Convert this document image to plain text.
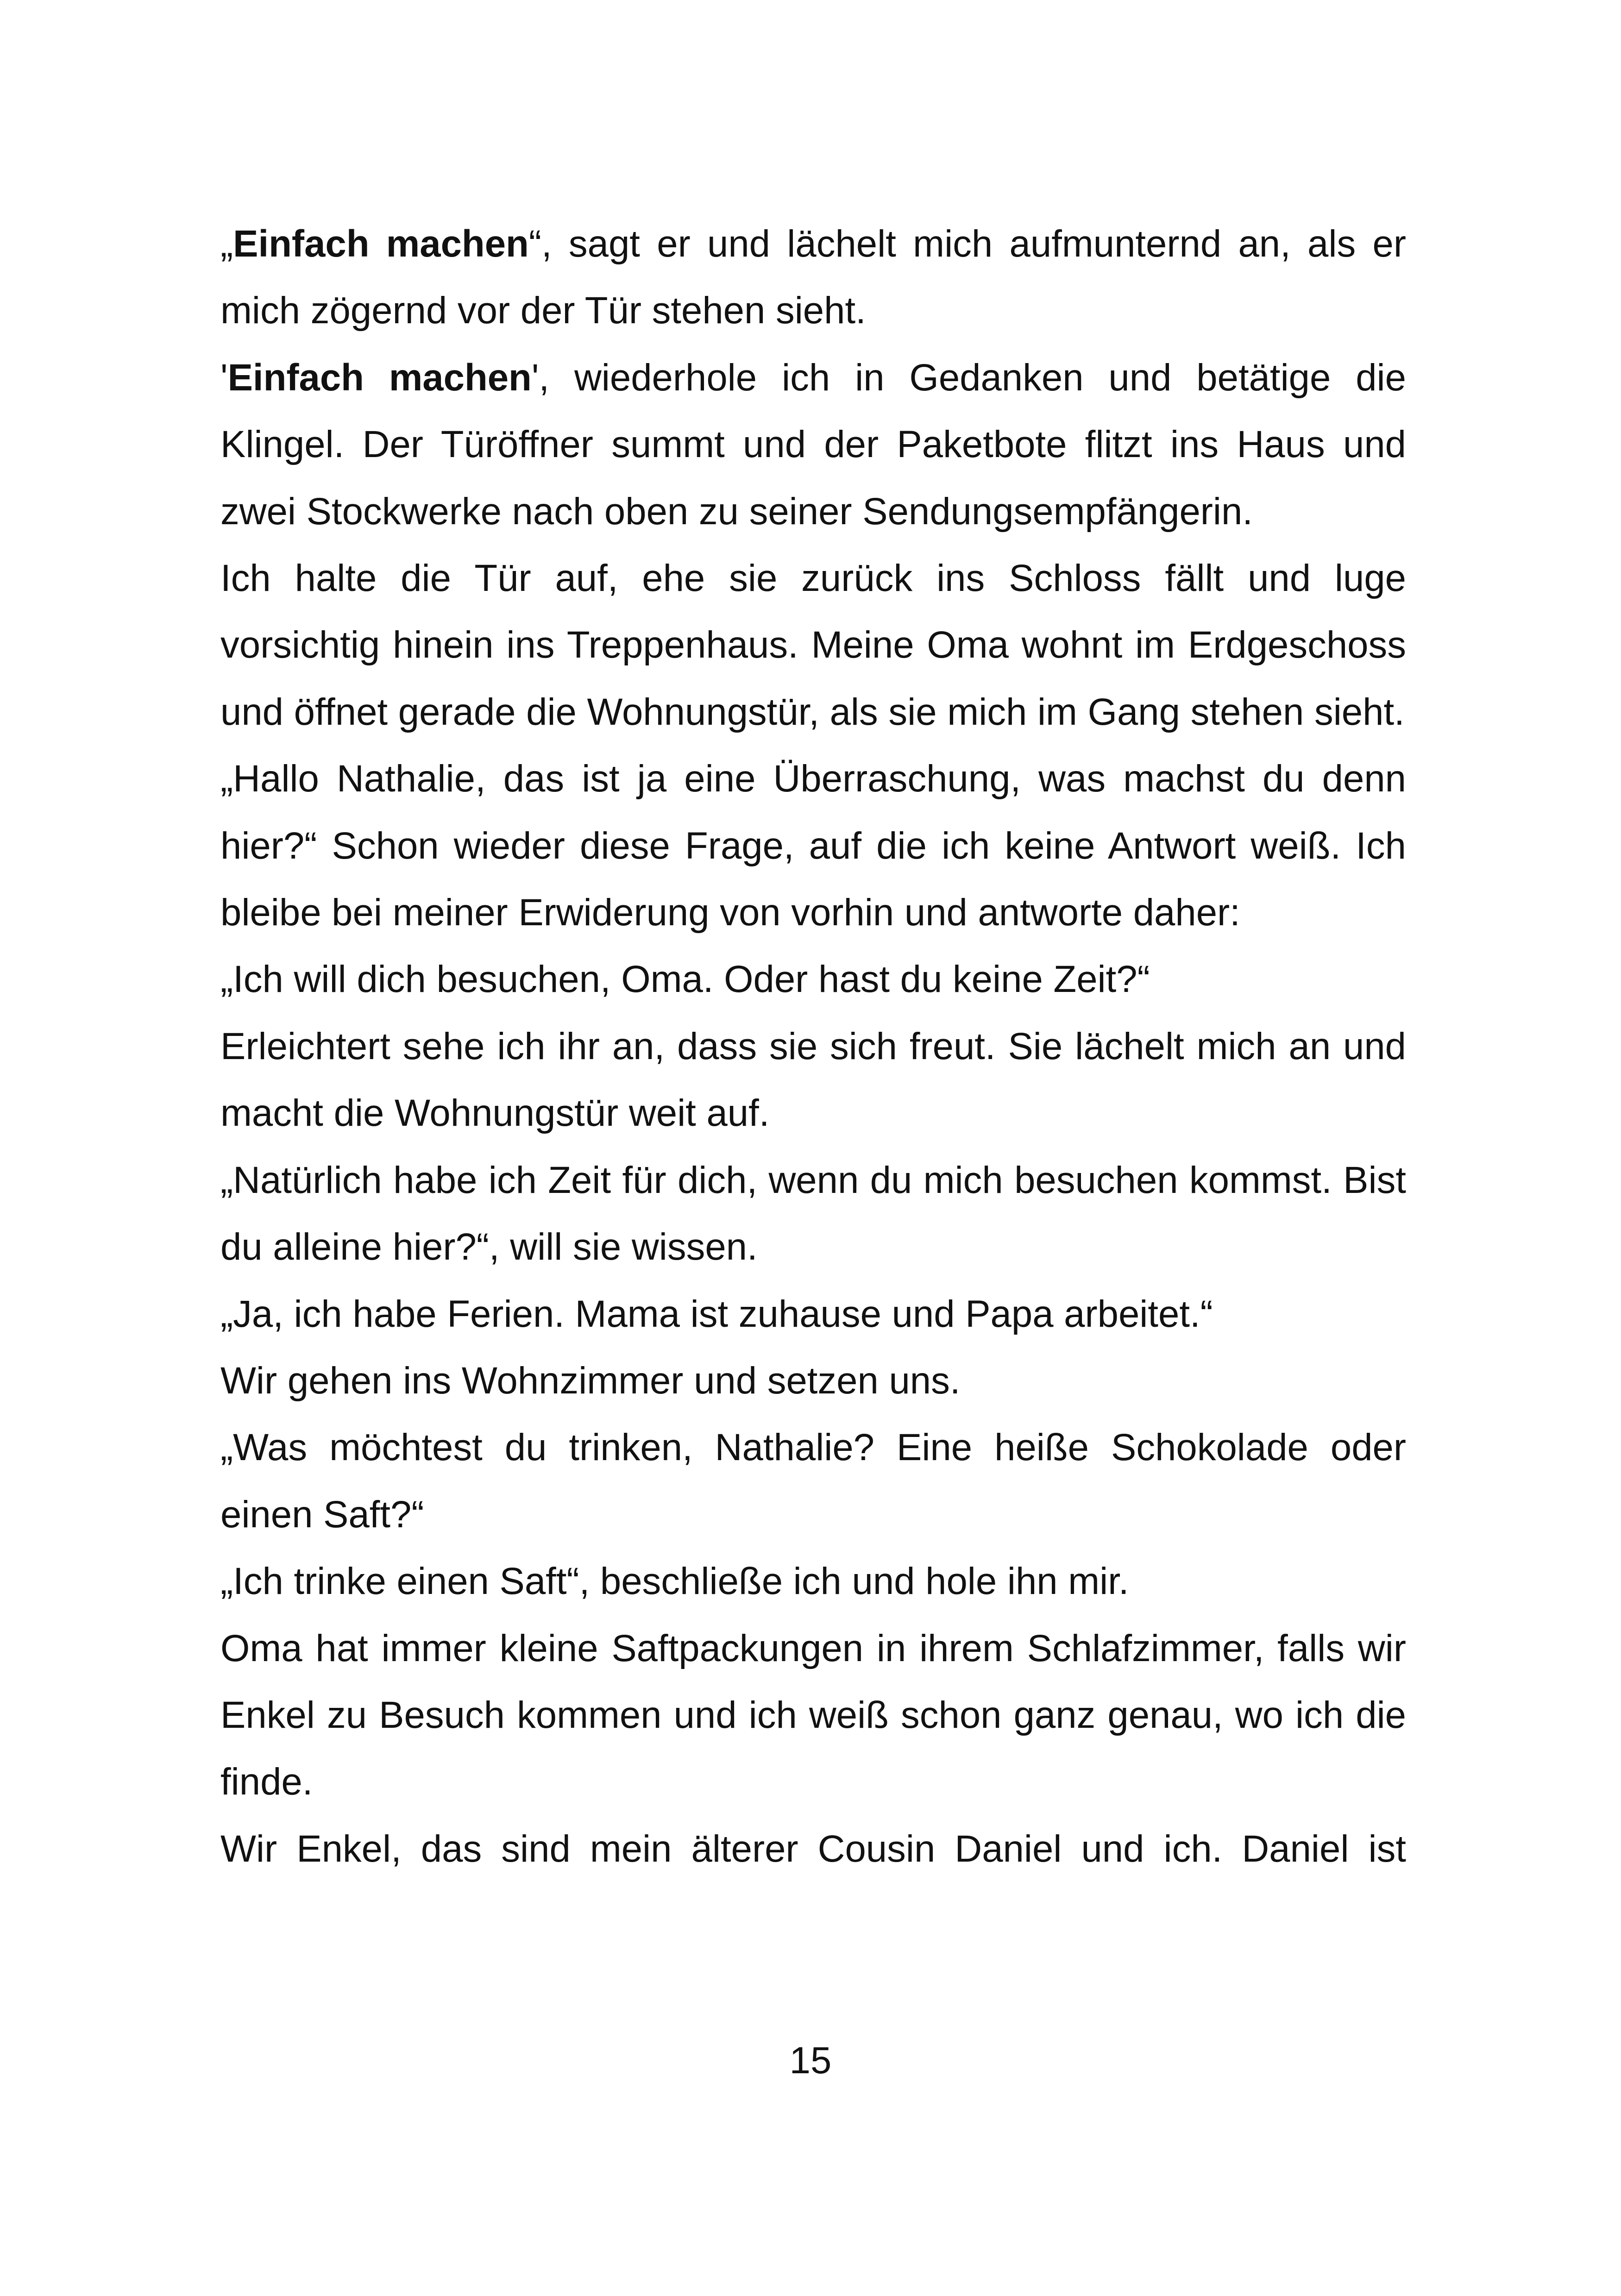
„Einfach machen“, sagt er und lächelt mich aufmunternd an, als er mich zögernd vor der Tür stehen sieht.

'Einfach machen', wiederhole ich in Gedanken und betätige die Klingel. Der Türöffner summt und der Paketbote flitzt ins Haus und zwei Stockwerke nach oben zu seiner Sendungsempfängerin.

Ich halte die Tür auf, ehe sie zurück ins Schloss fällt und luge vorsichtig hinein ins Treppenhaus. Meine Oma wohnt im Erdgeschoss und öffnet gerade die Wohnungstür, als sie mich im Gang stehen sieht.

„Hallo Nathalie, das ist ja eine Überraschung, was machst du denn hier?“ Schon wieder diese Frage, auf die ich keine Antwort weiß. Ich bleibe bei meiner Erwiderung von vorhin und antworte daher:

„Ich will dich besuchen, Oma. Oder hast du keine Zeit?“

Erleichtert sehe ich ihr an, dass sie sich freut. Sie lächelt mich an und macht die Wohnungstür weit auf.

„Natürlich habe ich Zeit für dich, wenn du mich besuchen kommst. Bist du alleine hier?“, will sie wissen.

„Ja, ich habe Ferien. Mama ist zuhause und Papa arbeitet.“

Wir gehen ins Wohnzimmer und setzen uns.

„Was möchtest du trinken, Nathalie? Eine heiße Schokolade oder einen Saft?“

„Ich trinke einen Saft“, beschließe ich und hole ihn mir.

Oma hat immer kleine Saftpackungen in ihrem Schlafzimmer, falls wir Enkel zu Besuch kommen und ich weiß schon ganz genau, wo ich die finde.

Wir Enkel, das sind mein älterer Cousin Daniel und ich. Daniel ist

15
